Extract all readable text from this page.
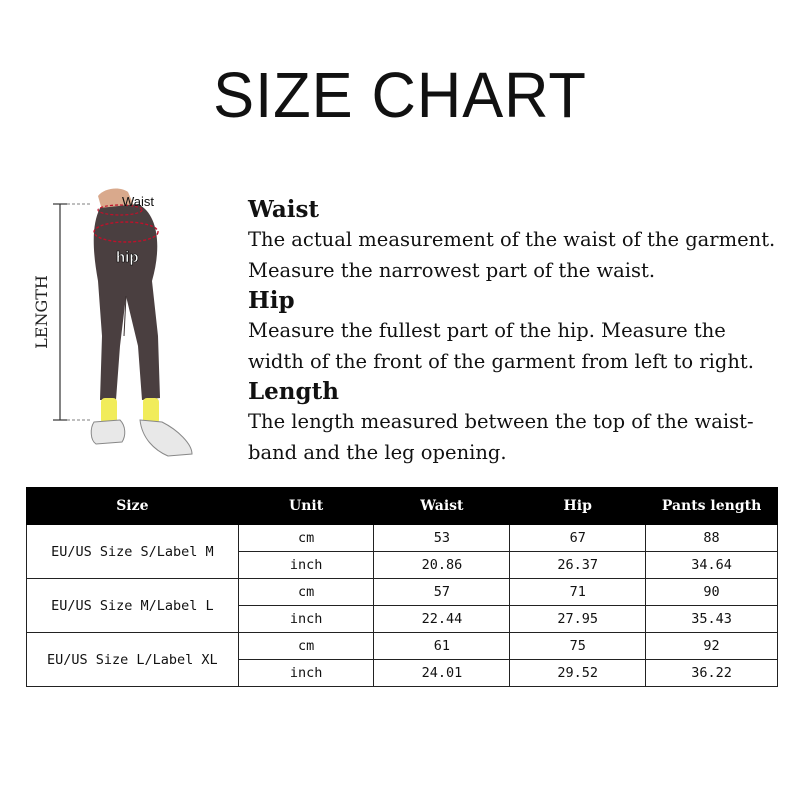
SIZE CHART
LENGTH
Waist
hip
Waist

The actual measurement of the waist of the garment.

Measure the narrowest part of the waist.

Hip

Measure the fullest part of the hip. Measure the

width of the front of the garment from left to right.

Length

The length measured between the top of the waist-

band and the leg opening.

Size	Unit	Waist	Hip	Pants length
EU/US Size S/Label M	cm	53	67	88
	inch	20.86	26.37	34.64
EU/US Size M/Label L	cm	57	71	90
	inch	22.44	27.95	35.43
EU/US Size L/Label XL	cm	61	75	92
	inch	24.01	29.52	36.22
